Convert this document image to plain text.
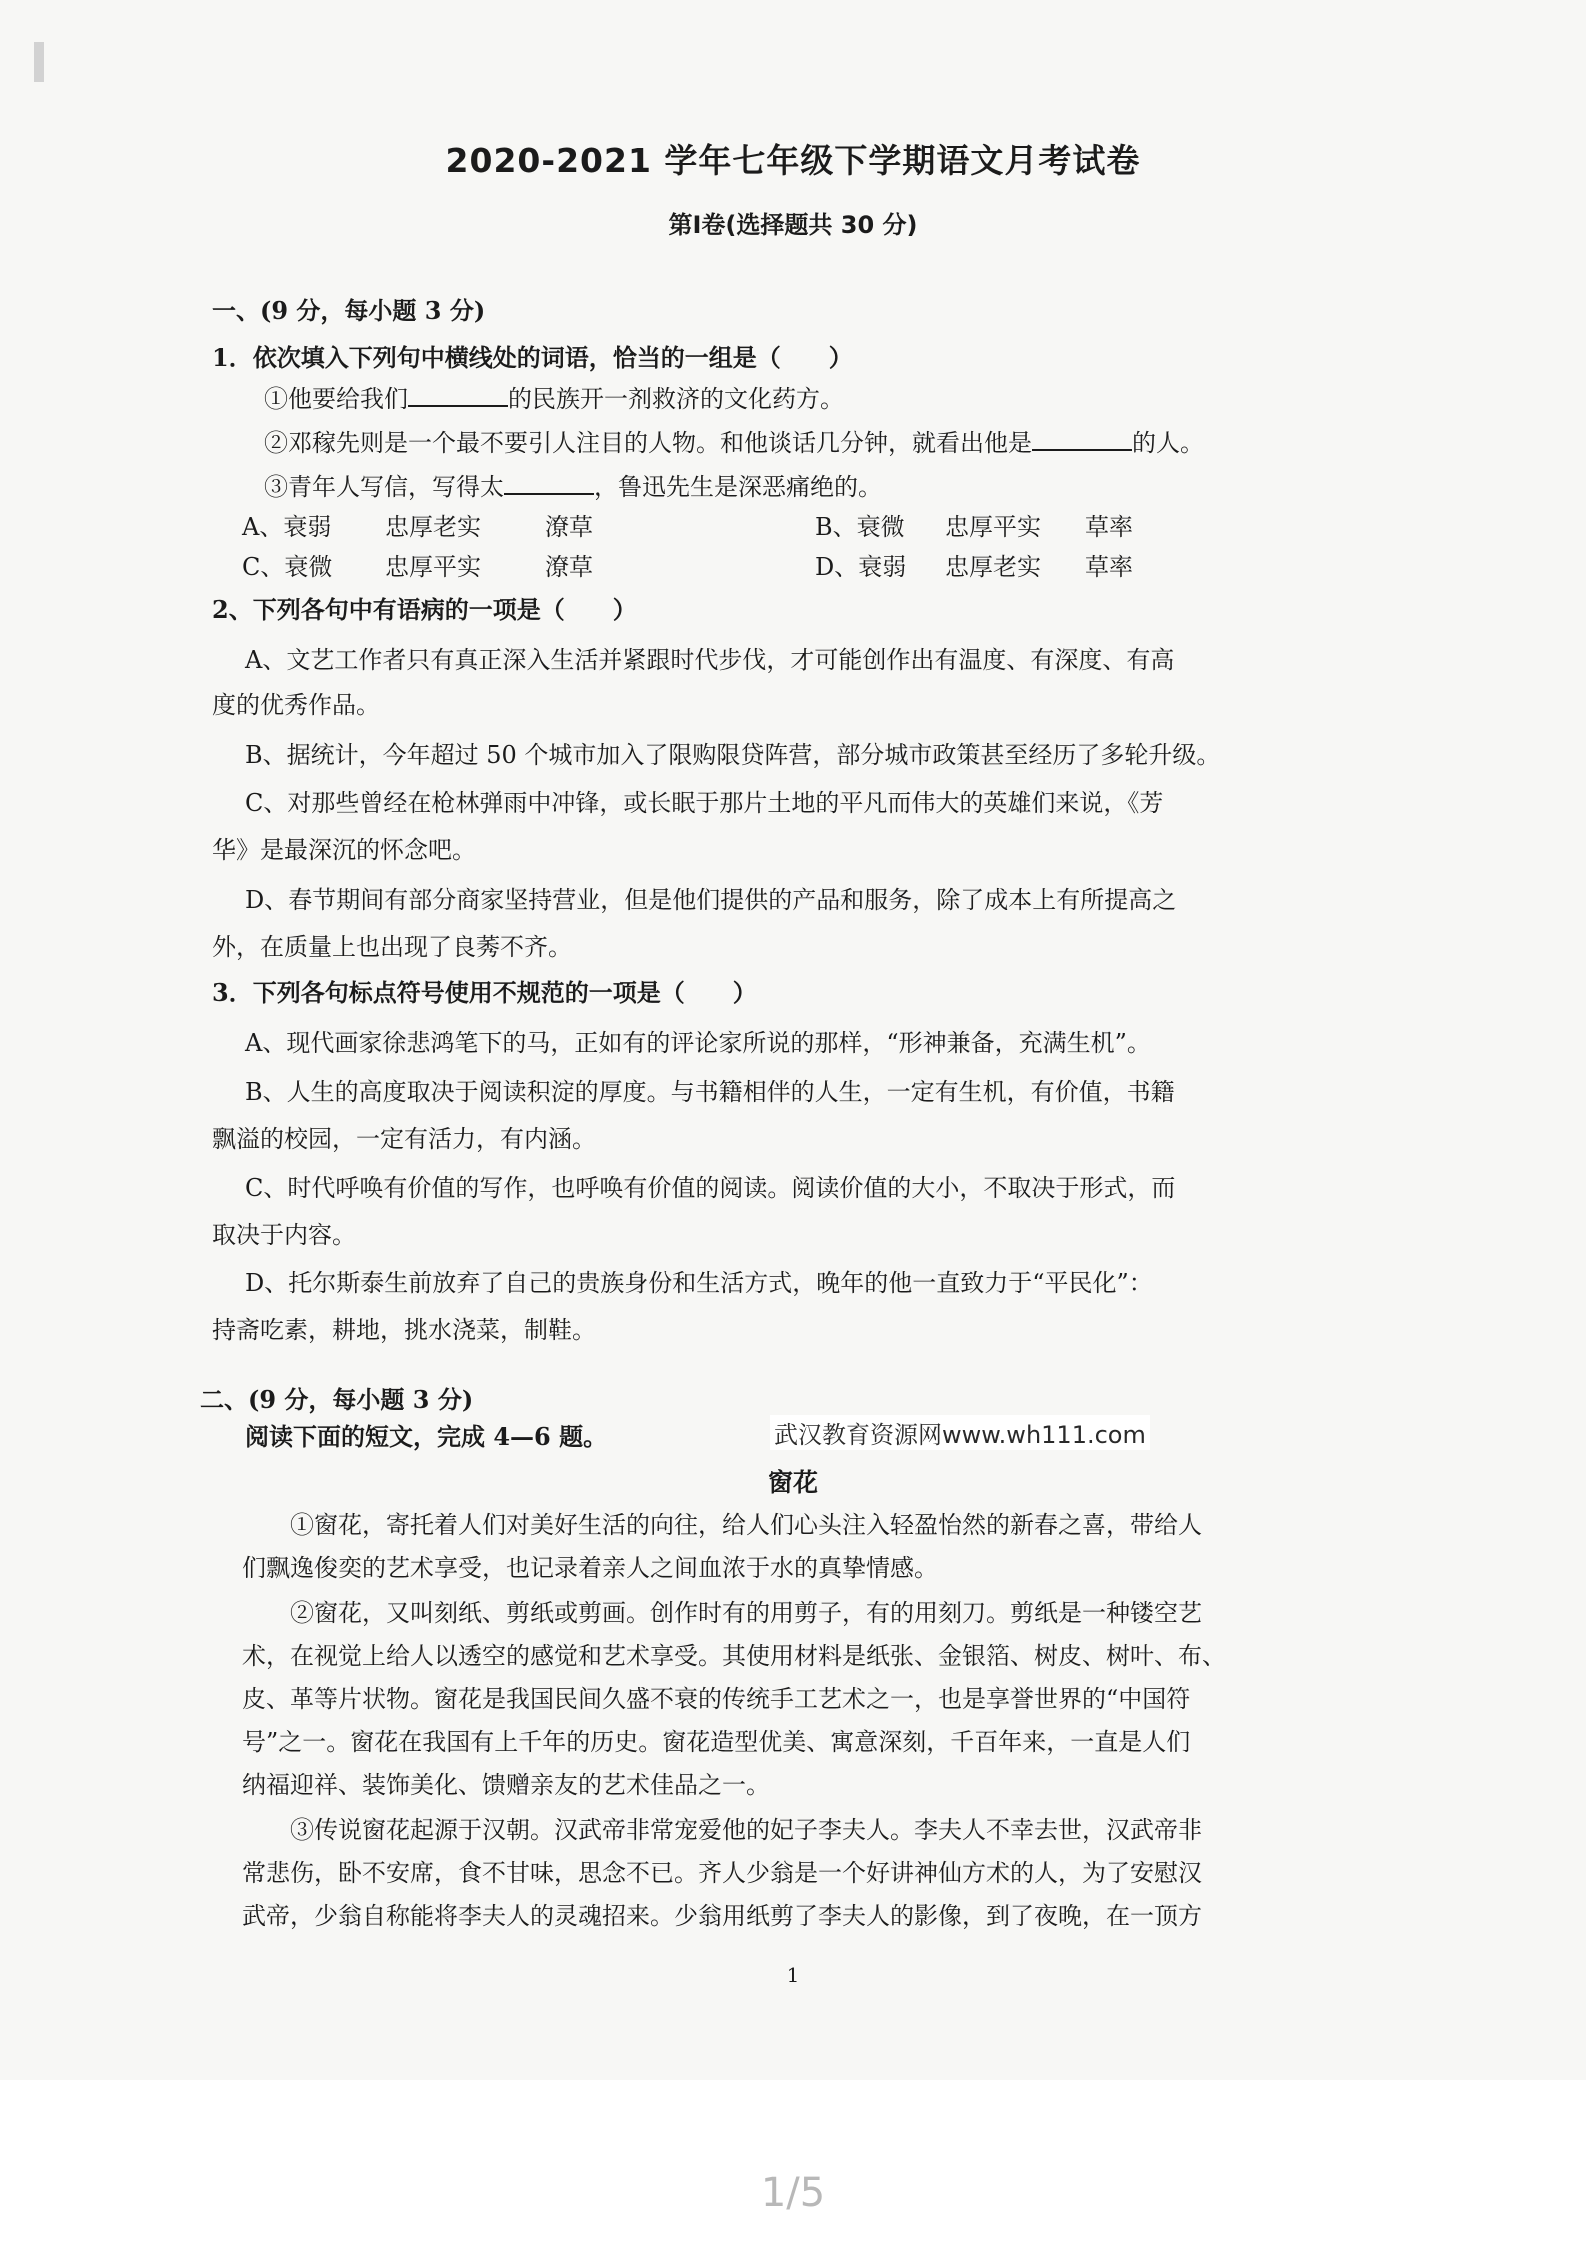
2020-2021 学年七年级下学期语文月考试卷
第Ⅰ卷(选择题共 30 分)
一、(9 分，每小题 3 分)
1．依次填入下列句中横线处的词语，恰当的一组是（　　）
①他要给我们	的民族开一剂救济的文化药方。
②邓稼先则是一个最不要引人注目的人物。和他谈话几分钟，就看出他是	的人。
③青年人写信，写得太	，鲁迅先生是深恶痛绝的。
A、衰弱 忠厚老实	潦草	B、衰微 忠厚平实 草率
C、衰微 忠厚平实	潦草	D、衰弱 忠厚老实 草率
2、下列各句中有语病的一项是（　　）
A、文艺工作者只有真正深入生活并紧跟时代步伐，才可能创作出有温度、有深度、有高
度的优秀作品。
B、据统计，今年超过 50 个城市加入了限购限贷阵营，部分城市政策甚至经历了多轮升级。
C、对那些曾经在枪林弹雨中冲锋，或长眠于那片土地的平凡而伟大的英雄们来说，《芳
华》是最深沉的怀念吧。
D、春节期间有部分商家坚持营业，但是他们提供的产品和服务，除了成本上有所提高之
外，在质量上也出现了良莠不齐。
3．下列各句标点符号使用不规范的一项是（　　）
A、现代画家徐悲鸿笔下的马，正如有的评论家所说的那样，“形神兼备，充满生机”。
B、人生的高度取决于阅读积淀的厚度。与书籍相伴的人生，一定有生机，有价值，书籍
飘溢的校园，一定有活力，有内涵。
C、时代呼唤有价值的写作，也呼唤有价值的阅读。阅读价值的大小，不取决于形式，而
取决于内容。
D、托尔斯泰生前放弃了自己的贵族身份和生活方式，晚年的他一直致力于“平民化”：
持斋吃素，耕地，挑水浇菜，制鞋。
二、(9 分，每小题 3 分)
阅读下面的短文，完成 4—6 题。	武汉教育资源网www.wh111.com
窗花
①窗花，寄托着人们对美好生活的向往，给人们心头注入轻盈怡然的新春之喜，带给人
们飘逸俊奕的艺术享受，也记录着亲人之间血浓于水的真挚情感。
②窗花，又叫刻纸、剪纸或剪画。创作时有的用剪子，有的用刻刀。剪纸是一种镂空艺
术，在视觉上给人以透空的感觉和艺术享受。其使用材料是纸张、金银箔、树皮、树叶、布、
皮、革等片状物。窗花是我国民间久盛不衰的传统手工艺术之一，也是享誉世界的“中国符
号”之一。窗花在我国有上千年的历史。窗花造型优美、寓意深刻，千百年来，一直是人们
纳福迎祥、装饰美化、馈赠亲友的艺术佳品之一。
③传说窗花起源于汉朝。汉武帝非常宠爱他的妃子李夫人。李夫人不幸去世，汉武帝非
常悲伤，卧不安席，食不甘味，思念不已。齐人少翁是一个好讲神仙方术的人，为了安慰汉
武帝，少翁自称能将李夫人的灵魂招来。少翁用纸剪了李夫人的影像，到了夜晚，在一顶方
1
1/5
